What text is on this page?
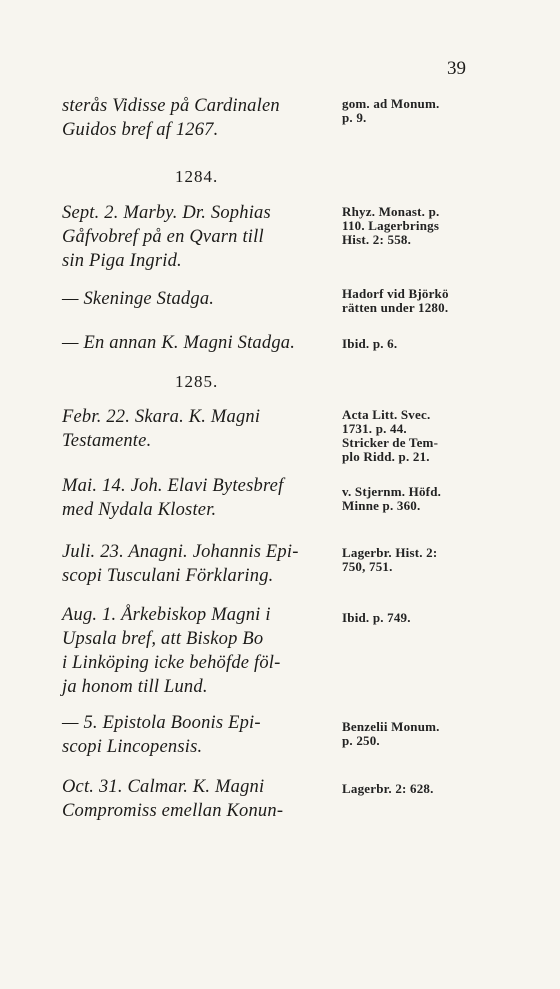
39
sterås Vidisse på Cardinalen
Guidos bref af 1267.
gom. ad Monum.
p. 9.
1284.
Sept. 2. Marby. Dr. Sophias
Gåfvobref på en Qvarn till
sin Piga Ingrid.
Rhyz. Monast. p.
110. Lagerbrings
Hist. 2: 558.
— Skeninge Stadga.	Hadorf vid Björkö
rätten under 1280.
— En annan K. Magni Stadga.	Ibid. p. 6.
1285.
Febr. 22. Skara. K. Magni
Testamente.
Acta Litt. Svec.
1731. p. 44.
Stricker de Tem-
plo Ridd. p. 21.
Mai. 14. Joh. Elavi Bytesbref
med Nydala Kloster.
v. Stjernm. Höfd.
Minne p. 360.
Juli. 23. Anagni. Johannis Epi-
scopi Tusculani Förklaring.
Lagerbr. Hist. 2:
750, 751.
Aug. 1. Årkebiskop Magni i
Upsala bref, att Biskop Bo
i Linköping icke behöfde föl-
ja honom till Lund.
Ibid. p. 749.
— 5. Epistola Boonis Epi-
scopi Lincopensis.
Benzelii Monum.
p. 250.
Oct. 31. Calmar. K. Magni
Compromiss emellan Konun-
Lagerbr. 2: 628.
